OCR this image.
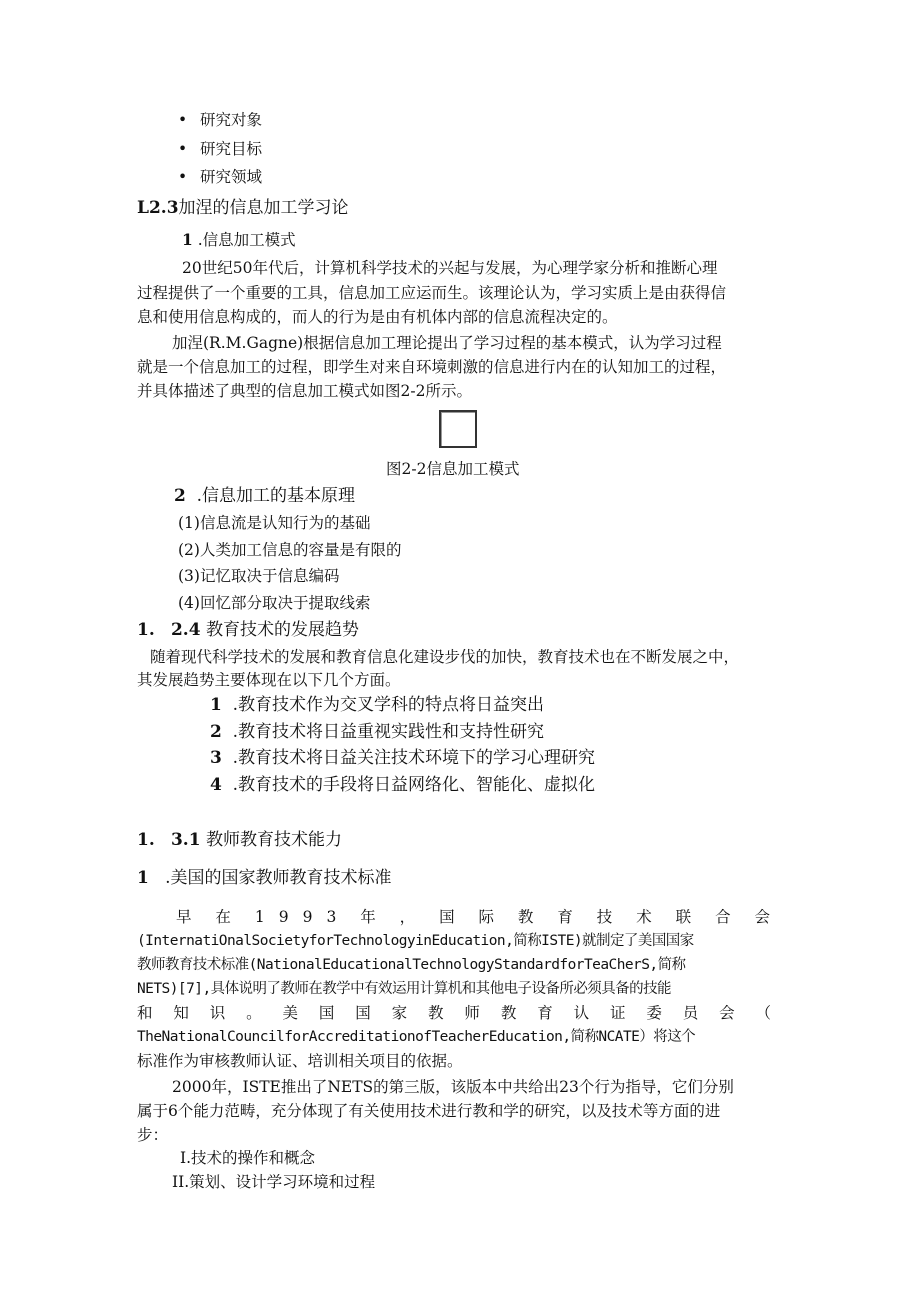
• 研究对象

• 研究目标

• 研究领域

L2.3加涅的信息加工学习论

1 .信息加工模式

20世纪50年代后，计算机科学技术的兴起与发展，为心理学家分析和推断心理

过程提供了一个重要的工具，信息加工应运而生。该理论认为，学习实质上是由获得信

息和使用信息构成的，而人的行为是由有机体内部的信息流程决定的。

加涅(R.M.Gagne)根据信息加工理论提出了学习过程的基本模式，认为学习过程

就是一个信息加工的过程，即学生对来自环境刺激的信息进行内在的认知加工的过程，

并具体描述了典型的信息加工模式如图2-2所示。

图2-2信息加工模式

2 .信息加工的基本原理

(1)信息流是认知行为的基础

(2)人类加工信息的容量是有限的

(3)记忆取决于信息编码

(4)回忆部分取决于提取线索

1. 2.4 教育技术的发展趋势

随着现代科学技术的发展和教育信息化建设步伐的加快，教育技术也在不断发展之中，

其发展趋势主要体现在以下几个方面。

1 .教育技术作为交叉学科的特点将日益突出

2 .教育技术将日益重视实践性和支持性研究

3 .教育技术将日益关注技术环境下的学习心理研究

4 .教育技术的手段将日益网络化、智能化、虚拟化

1. 3.1 教师教育技术能力

1 .美国的国家教师教育技术标准

早在1993年，国际教育技术联合会

(InternatiOnalSocietyforTechnologyinEducation,简称ISTE)就制定了美国国家

教师教育技术标准(NationalEducationalTechnologyStandardforTeaCherS,简称

NETS)[7],具体说明了教师在教学中有效运用计算机和其他电子设备所必须具备的技能

和知识。美国国家教师教育认证委员会（

TheNationalCouncilforAccreditationofTeacherEducation,简称NCATE）将这个

标准作为审核教师认证、培训相关项目的依据。

2000年，ISTE推出了NETS的第三版，该版本中共给出23个行为指导，它们分别

属于6个能力范畴，充分体现了有关使用技术进行教和学的研究，以及技术等方面的进

步：

I.技术的操作和概念

II.策划、设计学习环境和过程
